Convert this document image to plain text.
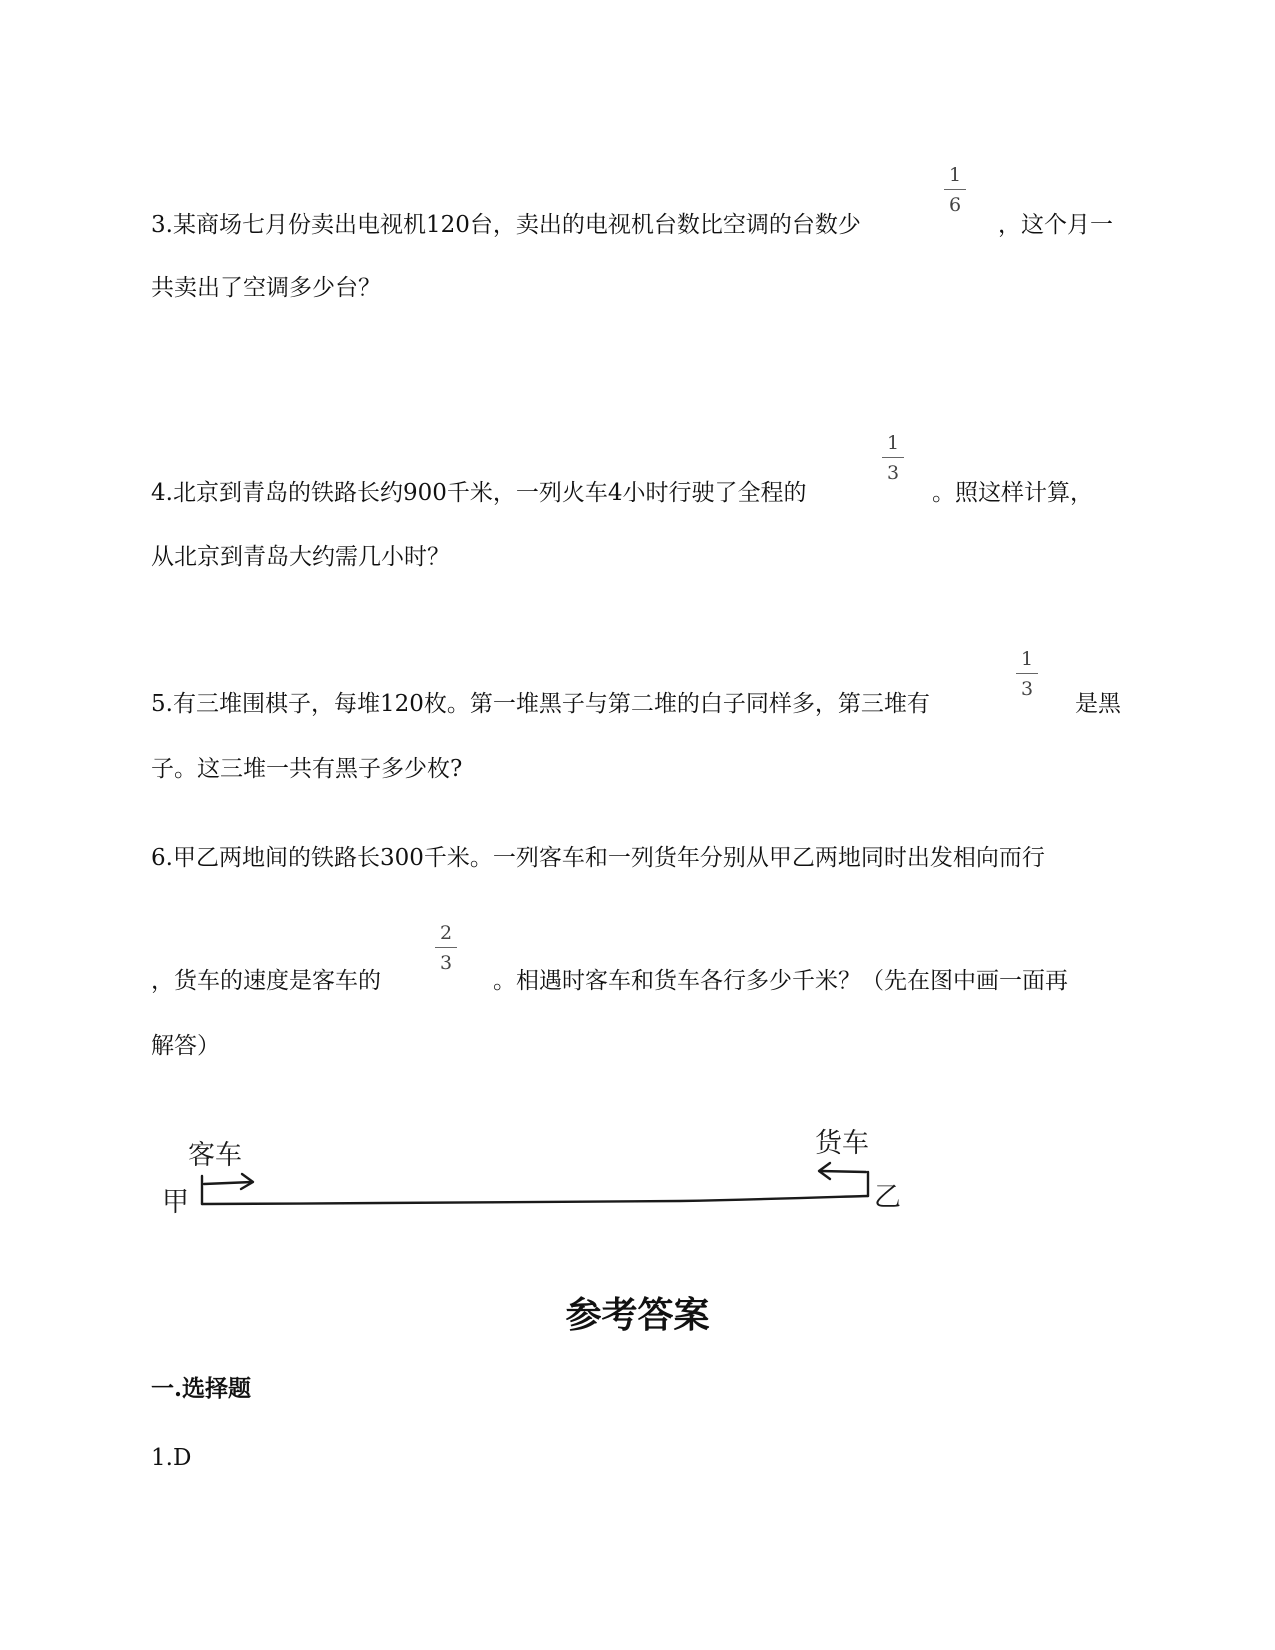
3.某商场七月份卖出电视机120台，卖出的电视机台数比空调的台数少
1
6
，这个月一
共卖出了空调多少台？
4.北京到青岛的铁路长约900千米，一列火车4小时行驶了全程的
1
3
。照这样计算，
从北京到青岛大约需几小时？
5.有三堆围棋子，每堆120枚。第一堆黑子与第二堆的白子同样多，第三堆有
1
3
是黑
子。这三堆一共有黑子多少枚?
6.甲乙两地间的铁路长300千米。一列客车和一列货年分别从甲乙两地同时出发相向而行
，货车的速度是客车的
2
3
。相遇时客车和货车各行多少千米？（先在图中画一面再
解答）
甲	乙
客车	货车
参考答案
一.选择题
1.D
